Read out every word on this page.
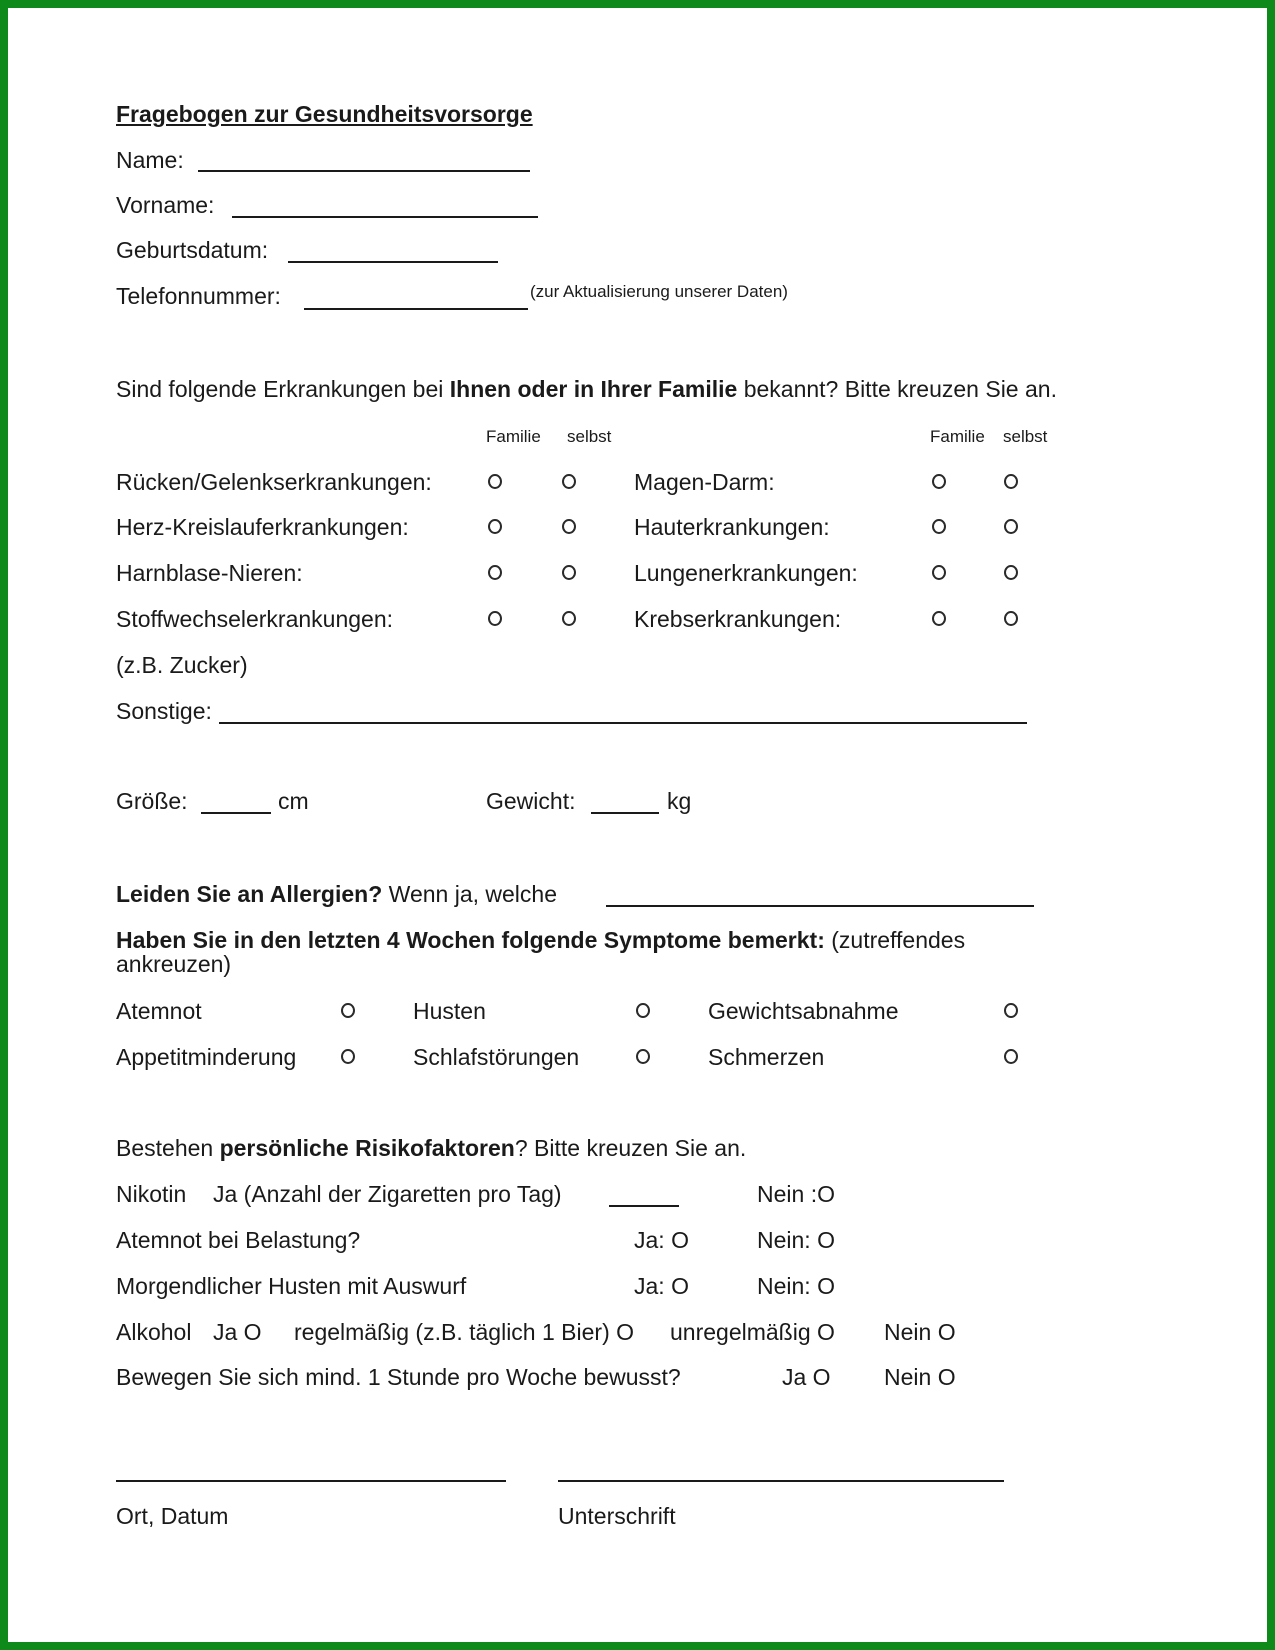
Fragebogen zur Gesundheitsvorsorge
Name:
Vorname:
Geburtsdatum:
Telefonnummer:	(zur Aktualisierung unserer Daten)
Sind folgende Erkrankungen bei Ihnen oder in Ihrer Familie bekannt? Bitte kreuzen Sie an.
Familie selbst	Familie selbst
Rücken/Gelenkserkrankungen:	Magen-Darm:
Herz-Kreislauferkrankungen:	Hauterkrankungen:
Harnblase-Nieren:	Lungenerkrankungen:
Stoffwechselerkrankungen:	Krebserkrankungen:
(z.B. Zucker)
Sonstige:
Größe:	cm	Gewicht:	kg
Leiden Sie an Allergien? Wenn ja, welche
Haben Sie in den letzten 4 Wochen folgende Symptome bemerkt: (zutreffendes
ankreuzen)
Atemnot	Husten	Gewichtsabnahme
Appetitminderung	Schlafstörungen	Schmerzen
Bestehen persönliche Risikofaktoren? Bitte kreuzen Sie an.
Nikotin Ja (Anzahl der Zigaretten pro Tag)	Nein :O
Atemnot bei Belastung?	Ja: O	Nein: O
Morgendlicher Husten mit Auswurf	Ja: O	Nein: O
Alkohol Ja O regelmäßig (z.B. täglich 1 Bier) O unregelmäßig O Nein O
Bewegen Sie sich mind. 1 Stunde pro Woche bewusst?	Ja O Nein O
Ort, Datum	Unterschrift
